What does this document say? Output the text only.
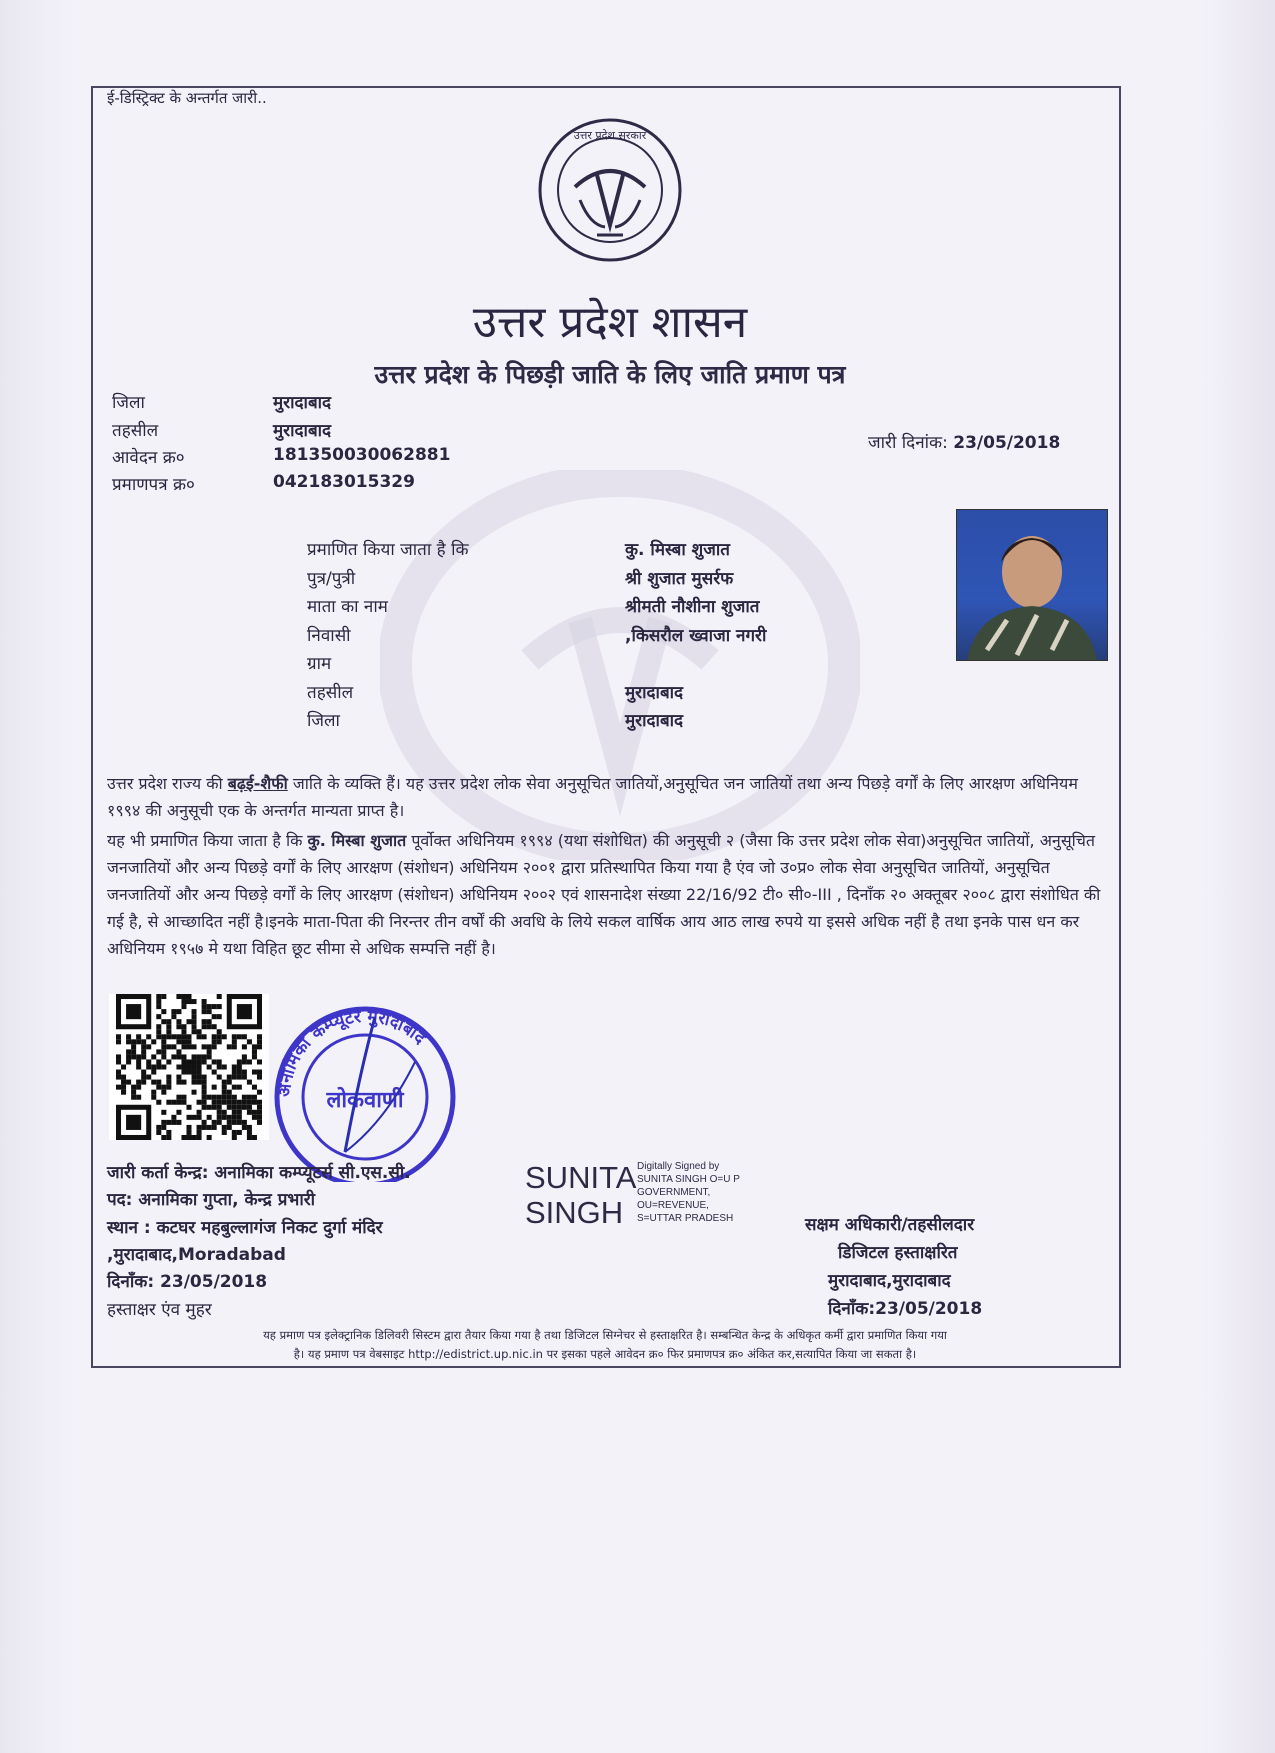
ई-डिस्ट्रिक्ट के अन्तर्गत जारी..
उत्तर प्रदेश सरकार
उत्तर प्रदेश शासन
उत्तर प्रदेश के पिछड़ी जाति के लिए जाति प्रमाण पत्र
जिला	मुरादाबाद
तहसील	मुरादाबाद
आवेदन क्र०	181350030062881
प्रमाणपत्र क्र०	042183015329
जारी दिनांक: 23/05/2018
प्रमाणित किया जाता है कि	कु. मिस्बा शुजात
पुत्र/पुत्री	श्री शुजात मुसर्रफ
माता का नाम	श्रीमती नौशीना शुजात
निवासी	,किसरौल ख्वाजा नगरी
ग्राम
तहसील	मुरादाबाद
जिला	मुरादाबाद
उत्तर प्रदेश राज्य की बढ़ई-शैफी जाति के व्यक्ति हैं। यह उत्तर प्रदेश लोक सेवा अनुसूचित जातियों,अनुसूचित जन जातियों तथा अन्य पिछड़े वर्गों के लिए आरक्षण अधिनियम १९९४ की अनुसूची एक के अन्तर्गत मान्यता प्राप्त है।
यह भी प्रमाणित किया जाता है कि कु. मिस्बा शुजात पूर्वोक्त अधिनियम १९९४ (यथा संशोधित) की अनुसूची २ (जैसा कि उत्तर प्रदेश लोक सेवा)अनुसूचित जातियों, अनुसूचित जनजातियों और अन्य पिछड़े वर्गों के लिए आरक्षण (संशोधन) अधिनियम २००१ द्वारा प्रतिस्थापित किया गया है एंव जो उ०प्र० लोक सेवा अनुसूचित जातियों, अनुसूचित जनजातियों और अन्य पिछड़े वर्गों के लिए आरक्षण (संशोधन) अधिनियम २००२ एवं शासनादेश संख्या 22/16/92 टी० सी०-III , दिनाँक २० अक्तूबर २००८ द्वारा संशोधित की गई है, से आच्छादित नहीं है।इनके माता-पिता की निरन्तर तीन वर्षों की अवधि के लिये सकल वार्षिक आय आठ लाख रुपये या इससे अधिक नहीं है तथा इनके पास धन कर अधिनियम १९५७ मे यथा विहित छूट सीमा से अधिक सम्पत्ति नहीं है।
अनामिका कम्प्यूटर मुरादाबाद
लोकवाणी
जारी कर्ता केन्द्र: अनामिका कम्प्यूटर्स सी.एस.सी.
पद: अनामिका गुप्ता, केन्द्र प्रभारी
स्थान : कटघर महबुल्लागंज निकट दुर्गा मंदिर
,मुरादाबाद,Moradabad
दिनाँक: 23/05/2018
हस्ताक्षर एंव मुहर
SUNITA
SINGH
Digitally Signed by
SUNITA SINGH O=U P
GOVERNMENT,
OU=REVENUE,
S=UTTAR PRADESH	सक्षम अधिकारी/तहसीलदार
डिजिटल हस्ताक्षरित
मुरादाबाद,मुरादाबाद
दिनाँक:23/05/2018
यह प्रमाण पत्र इलेक्ट्रानिक डिलिवरी सिस्टम द्वारा तैयार किया गया है तथा डिजिटल सिग्नेचर से हस्ताक्षरित है। सम्बन्धित केन्द्र के अधिकृत कर्मी द्वारा प्रमाणित किया गया
है। यह प्रमाण पत्र वेबसाइट http://edistrict.up.nic.in पर इसका पहले आवेदन क्र० फिर प्रमाणपत्र क्र० अंकित कर,सत्यापित किया जा सकता है।
